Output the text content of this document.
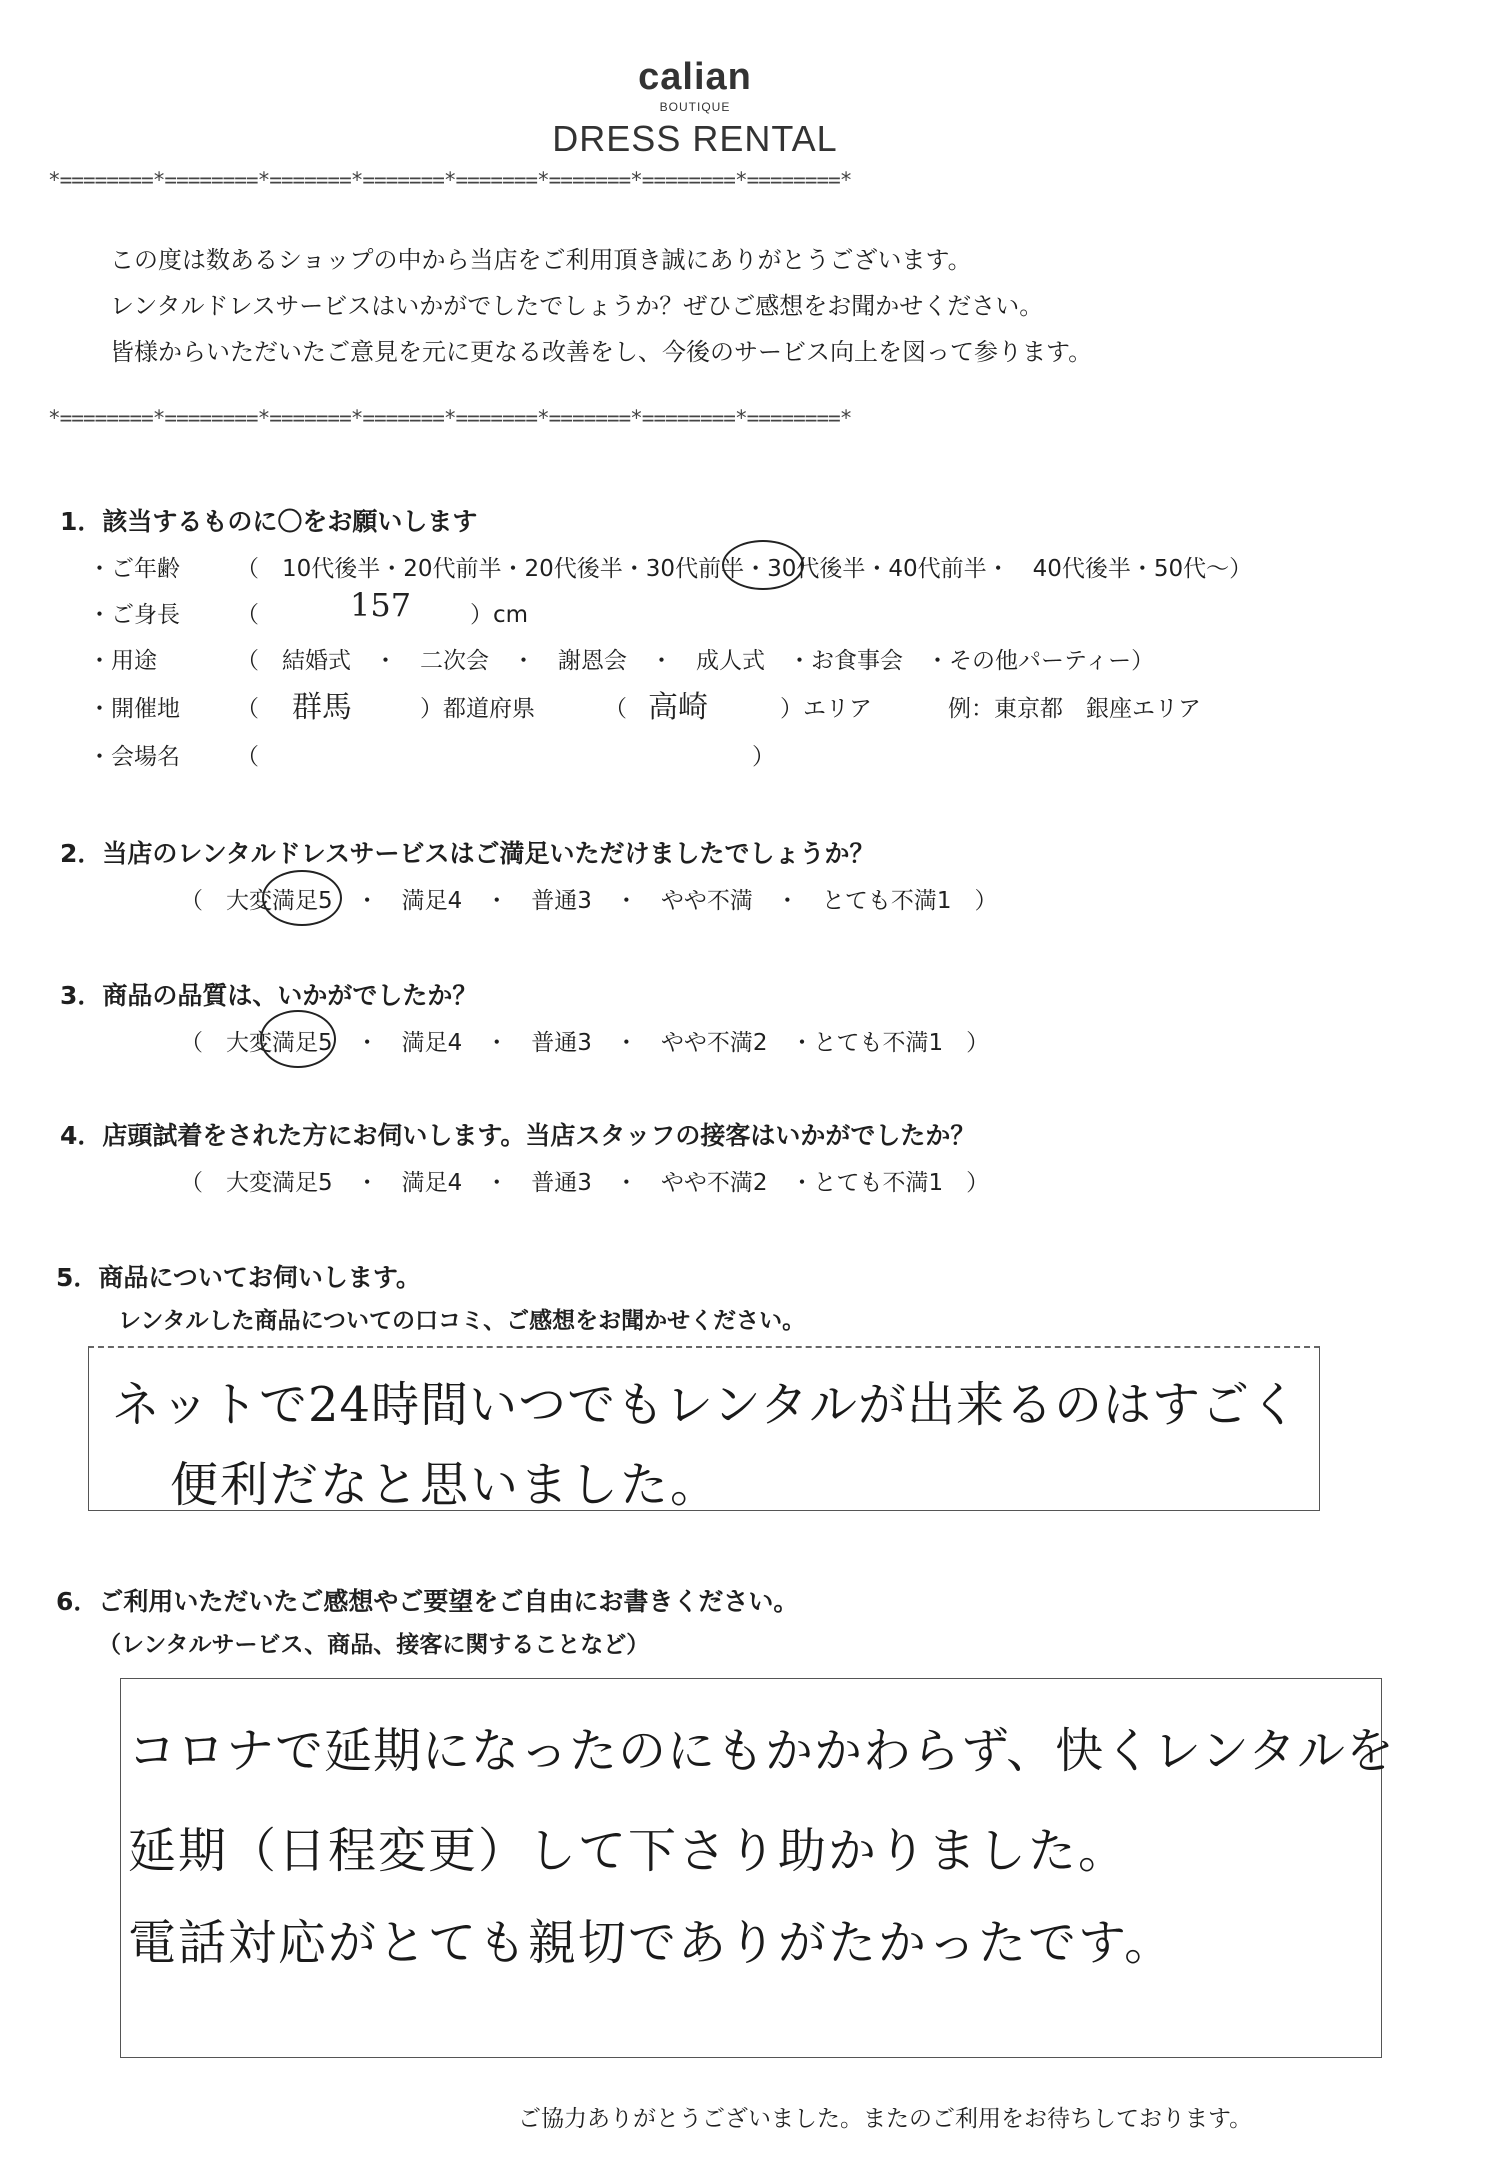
calian
BOUTIQUE
DRESS RENTAL
*========*========*=======*=======*=======*=======*========*========*
この度は数あるショップの中から当店をご利用頂き誠にありがとうございます。
レンタルドレスサービスはいかがでしたでしょうか？ぜひご感想をお聞かせください。
皆様からいただいたご意見を元に更なる改善をし、今後のサービス向上を図って参ります。
*========*========*=======*=======*=======*=======*========*========*
1．該当するものに〇をお願いします
・ご年齢 （　10代後半・20代前半・20代後半・30代前半・30代後半・40代前半・　40代後半・50代～）
・ご身長 （	157	）cm
・用途	（　結婚式　・　二次会　・　謝恩会　・　成人式　・お食事会　・その他パーティー）
・開催地 （ 群馬	）都道府県	（ 高崎	）エリア	例：東京都　銀座エリア
・会場名 （	）
2．当店のレンタルドレスサービスはご満足いただけましたでしょうか？
（　大変満足5　・　満足4　・　普通3　・　やや不満　・　とても不満1　）
3．商品の品質は、いかがでしたか？
（　大変満足5　・　満足4　・　普通3　・　やや不満2　・とても不満1　）
4．店頭試着をされた方にお伺いします。当店スタッフの接客はいかがでしたか？
（　大変満足5　・　満足4　・　普通3　・　やや不満2　・とても不満1　）
5．商品についてお伺いします。
レンタルした商品についての口コミ、ご感想をお聞かせください。
ネットで24時間いつでもレンタルが出来るのはすごく
便利だなと思いました。
6．ご利用いただいたご感想やご要望をご自由にお書きください。
（レンタルサービス、商品、接客に関することなど）
コロナで延期になったのにもかかわらず、快くレンタルを
延期（日程変更）して下さり助かりました。
電話対応がとても親切でありがたかったです。
ご協力ありがとうございました。またのご利用をお待ちしております。
